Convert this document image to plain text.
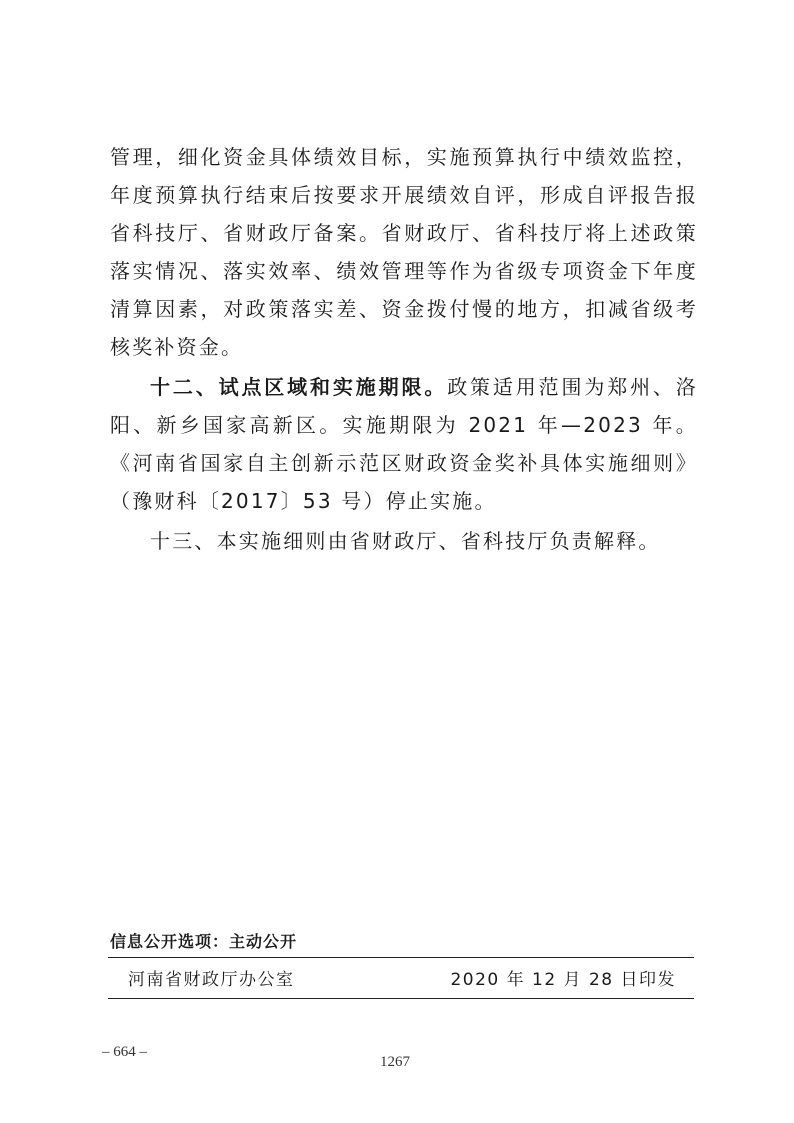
管理，细化资金具体绩效目标，实施预算执行中绩效监控，年度预算执行结束后按要求开展绩效自评，形成自评报告报省科技厅、省财政厅备案。省财政厅、省科技厅将上述政策落实情况、落实效率、绩效管理等作为省级专项资金下年度清算因素，对政策落实差、资金拨付慢的地方，扣减省级考核奖补资金。

十二、试点区域和实施期限。政策适用范围为郑州、洛阳、新乡国家高新区。实施期限为 2021 年—2023 年。《河南省国家自主创新示范区财政资金奖补具体实施细则》（豫财科〔2017〕53 号）停止实施。

十三、本实施细则由省财政厅、省科技厅负责解释。

信息公开选项：主动公开
河南省财政厅办公室	2020 年 12 月 28 日印发
– 664 –
1267
